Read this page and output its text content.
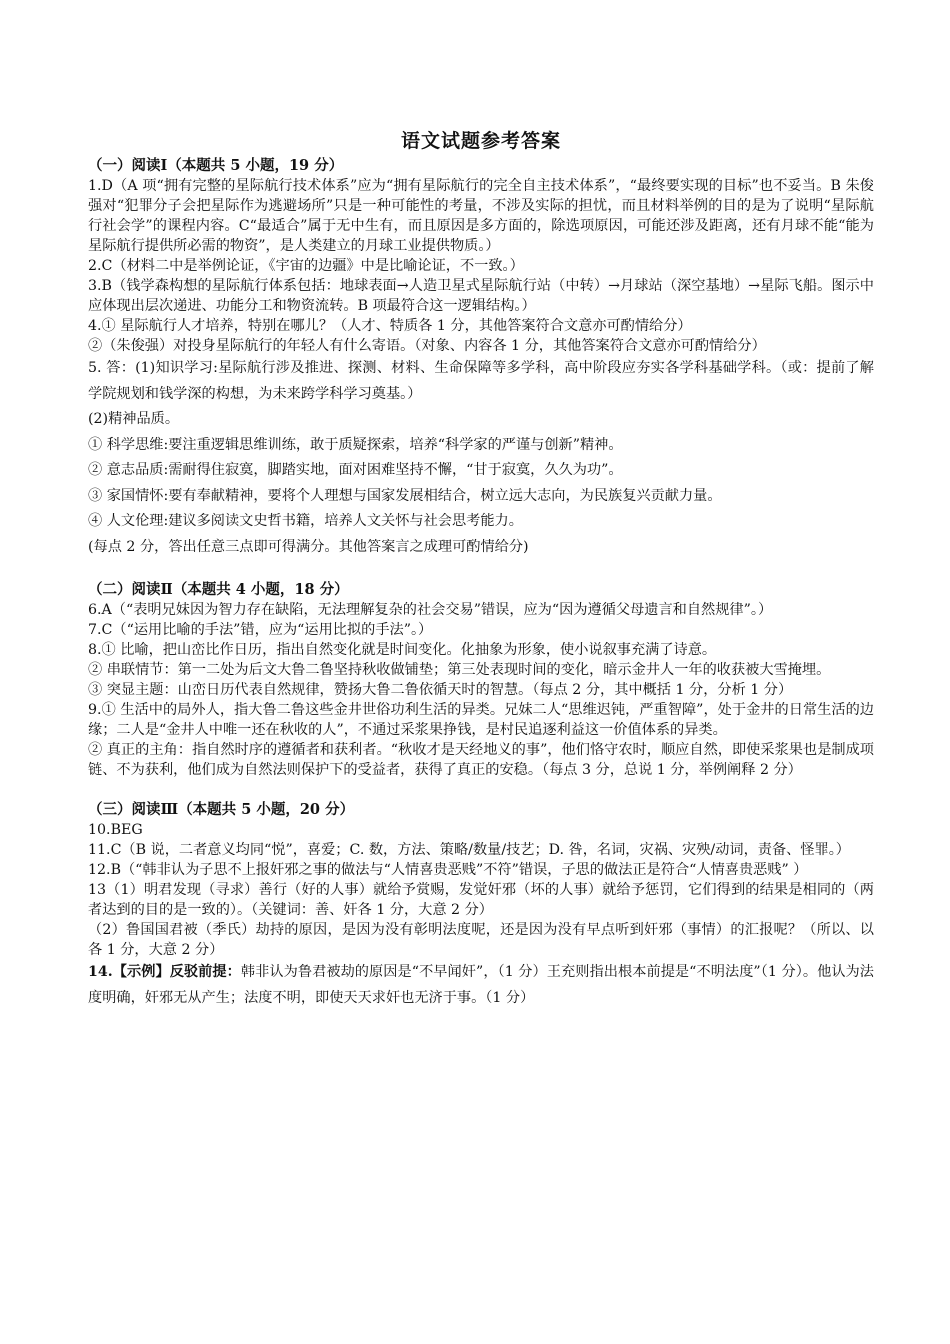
语文试题参考答案
（一）阅读Ⅰ（本题共 5 小题，19 分）
1.D（A 项“拥有完整的星际航行技术体系”应为“拥有星际航行的完全自主技术体系”，“最终要实现的目标”也不妥当。B 朱俊强对“犯罪分子会把星际作为逃避场所”只是一种可能性的考量，不涉及实际的担忧，而且材料举例的目的是为了说明“星际航行社会学”的课程内容。C“最适合”属于无中生有，而且原因是多方面的，除选项原因，可能还涉及距离，还有月球不能“能为星际航行提供所必需的物资”，是人类建立的月球工业提供物质。）
2.C（材料二中是举例论证，《宇宙的边疆》中是比喻论证，不一致。）
3.B（钱学森构想的星际航行体系包括：地球表面→人造卫星式星际航行站（中转）→月球站（深空基地）→星际飞船。图示中应体现出层次递进、功能分工和物资流转。B 项最符合这一逻辑结构。）
4.① 星际航行人才培养，特别在哪儿？（人才、特质各 1 分，其他答案符合文意亦可酌情给分）
②（朱俊强）对投身星际航行的年轻人有什么寄语。（对象、内容各 1 分，其他答案符合文意亦可酌情给分）
5. 答：(1)知识学习:星际航行涉及推进、探测、材料、生命保障等多学科，高中阶段应夯实各学科基础学科。（或：提前了解学院规划和钱学深的构想，为未来跨学科学习奠基。）
(2)精神品质。
① 科学思维:要注重逻辑思维训练，敢于质疑探索，培养“科学家的严谨与创新”精神。
② 意志品质:需耐得住寂寞，脚踏实地，面对困难坚持不懈，“甘于寂寞，久久为功”。
③ 家国情怀:要有奉献精神，要将个人理想与国家发展相结合，树立远大志向，为民族复兴贡献力量。
④ 人文伦理:建议多阅读文史哲书籍，培养人文关怀与社会思考能力。
(每点 2 分，答出任意三点即可得满分。其他答案言之成理可酌情给分)
（二）阅读Ⅱ（本题共 4 小题，18 分）
6.A（“表明兄妹因为智力存在缺陷，无法理解复杂的社会交易”错误，应为“因为遵循父母遗言和自然规律”。）
7.C（“运用比喻的手法”错，应为“运用比拟的手法”。）
8.① 比喻，把山峦比作日历，指出自然变化就是时间变化。化抽象为形象，使小说叙事充满了诗意。
② 串联情节：第一二处为后文大鲁二鲁坚持秋收做铺垫；第三处表现时间的变化，暗示金井人一年的收获被大雪掩埋。
③ 突显主题：山峦日历代表自然规律，赞扬大鲁二鲁依循天时的智慧。（每点 2 分，其中概括 1 分，分析 1 分）
9.① 生活中的局外人，指大鲁二鲁这些金井世俗功利生活的异类。兄妹二人“思维迟钝，严重智障”，处于金井的日常生活的边缘；二人是“金井人中唯一还在秋收的人”，不通过采浆果挣钱，是村民追逐利益这一价值体系的异类。
② 真正的主角：指自然时序的遵循者和获利者。“秋收才是天经地义的事”，他们恪守农时，顺应自然，即使采浆果也是制成项链、不为获利，他们成为自然法则保护下的受益者，获得了真正的安稳。（每点 3 分，总说 1 分，举例阐释 2 分）
（三）阅读Ⅲ（本题共 5 小题，20 分）
10.BEG
11.C（B 说，二者意义均同“悦”，喜爱；C. 数，方法、策略/数量/技艺；D. 咎，名词，灾祸、灾殃/动词，责备、怪罪。）
12.B（“韩非认为子思不上报奸邪之事的做法与“人情喜贵恶贱”不符”错误，子思的做法正是符合“人情喜贵恶贱” ）
13（1）明君发现（寻求）善行（好的人事）就给予赏赐，发觉奸邪（坏的人事）就给予惩罚，它们得到的结果是相同的（两者达到的目的是一致的）。（关键词：善、奸各 1 分，大意 2 分）
（2）鲁国国君被（季氏）劫持的原因，是因为没有彰明法度呢，还是因为没有早点听到奸邪（事情）的汇报呢？（所以、以各 1 分，大意 2 分）
14.【示例】反驳前提：韩非认为鲁君被劫的原因是“不早闻奸”，（1 分）王充则指出根本前提是“不明法度”（1 分）。他认为法度明确，奸邪无从产生；法度不明，即使天天求奸也无济于事。（1 分）
